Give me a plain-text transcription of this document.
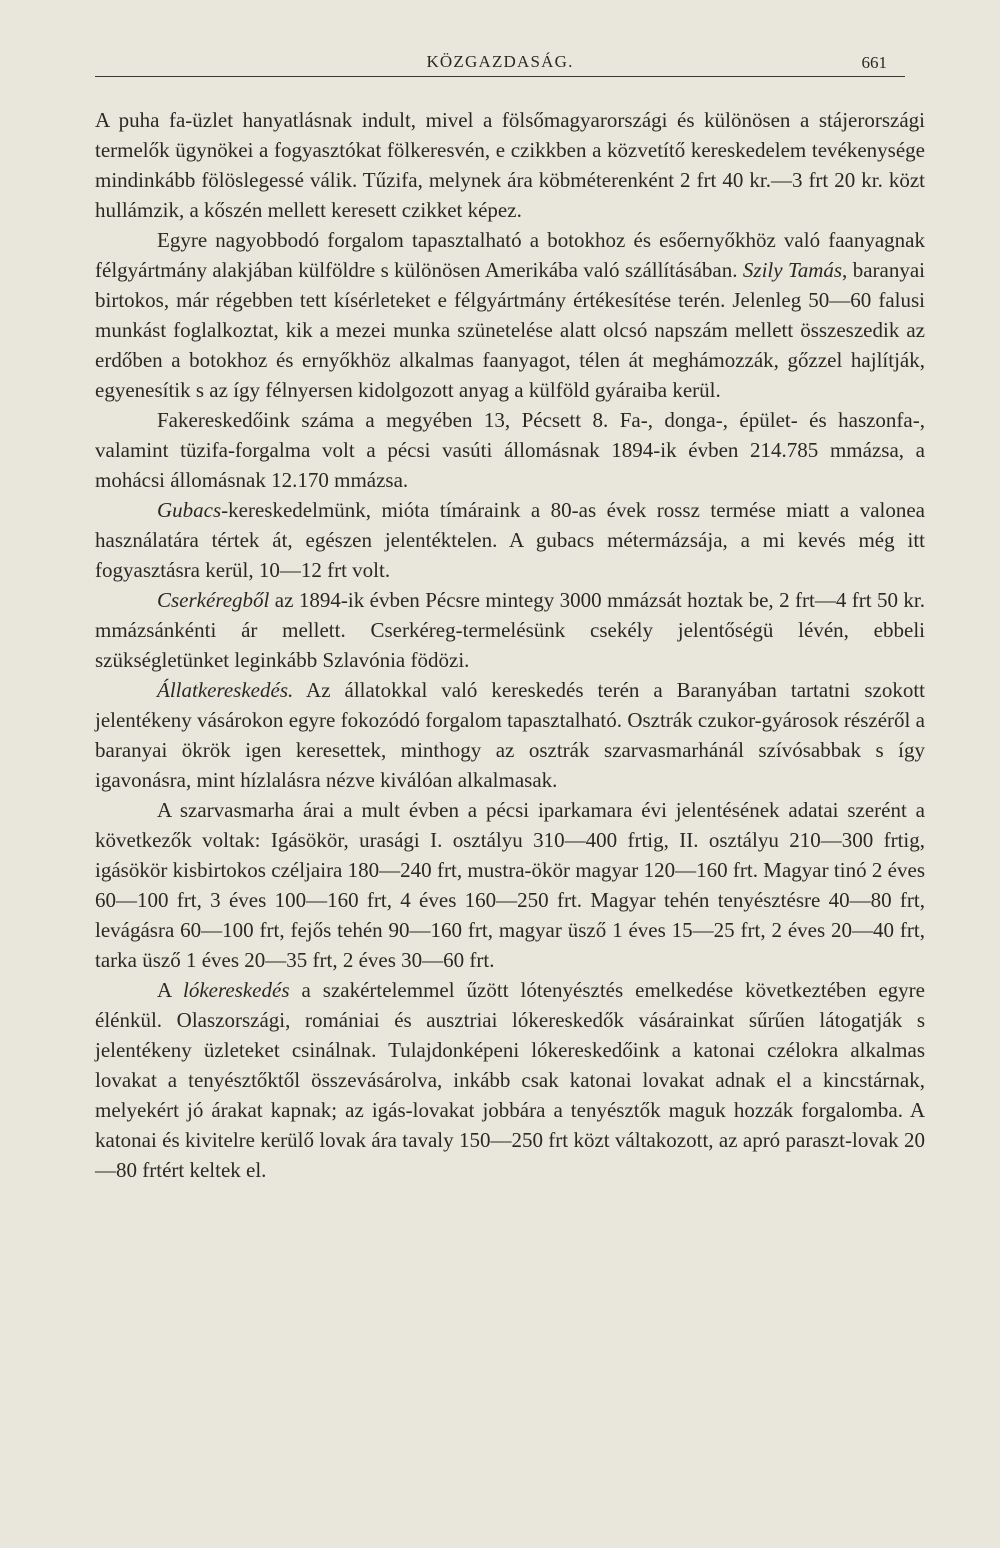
KÖZGAZDASÁG.	661

A puha fa-üzlet hanyatlásnak indult, mivel a fölsőmagyarországi és különösen a stájerországi termelők ügynökei a fogyasztókat fölkeresvén, e czikkben a közvetítő kereskedelem tevékenysége mindinkább fölöslegessé válik. Tűzifa, melynek ára köbméterenként 2 frt 40 kr.—3 frt 20 kr. közt hullámzik, a kőszén mellett keresett czikket képez.

Egyre nagyobbodó forgalom tapasztalható a botokhoz és esőernyőkhöz való faanyagnak félgyártmány alakjában külföldre s különösen Amerikába való szállításában. Szily Tamás, baranyai birtokos, már régebben tett kísérleteket e félgyártmány értékesítése terén. Jelenleg 50—60 falusi munkást foglalkoztat, kik a mezei munka szünetelése alatt olcsó napszám mellett összeszedik az erdőben a botokhoz és ernyőkhöz alkalmas faanyagot, télen át meghámozzák, gőzzel hajlítják, egyenesítik s az így félnyersen kidolgozott anyag a külföld gyáraiba kerül.

Fakereskedőink száma a megyében 13, Pécsett 8. Fa-, donga-, épület- és haszonfa-, valamint tüzifa-forgalma volt a pécsi vasúti állomásnak 1894-ik évben 214.785 mmázsa, a mohácsi állomásnak 12.170 mmázsa.

Gubacs-kereskedelmünk, mióta tímáraink a 80-as évek rossz termése miatt a valonea használatára tértek át, egészen jelentéktelen. A gubacs métermázsája, a mi kevés még itt fogyasztásra kerül, 10—12 frt volt.

Cserkéregből az 1894-ik évben Pécsre mintegy 3000 mmázsát hoztak be, 2 frt—4 frt 50 kr. mmázsánkénti ár mellett. Cserkéreg-termelésünk csekély jelentőségü lévén, ebbeli szükségletünket leginkább Szlavónia födözi.

Állatkereskedés. Az állatokkal való kereskedés terén a Baranyában tartatni szokott jelentékeny vásárokon egyre fokozódó forgalom tapasztalható. Osztrák czukor-gyárosok részéről a baranyai ökrök igen keresettek, minthogy az osztrák szarvasmarhánál szívósabbak s így igavonásra, mint hízlalásra nézve kiválóan alkalmasak.

A szarvasmarha árai a mult évben a pécsi iparkamara évi jelentésének adatai szerént a következők voltak: Igásökör, urasági I. osztályu 310—400 frtig, II. osztályu 210—300 frtig, igásökör kisbirtokos czéljaira 180—240 frt, mustra-ökör magyar 120—160 frt. Magyar tinó 2 éves 60—100 frt, 3 éves 100—160 frt, 4 éves 160—250 frt. Magyar tehén tenyésztésre 40—80 frt, levágásra 60—100 frt, fejős tehén 90—160 frt, magyar üsző 1 éves 15—25 frt, 2 éves 20—40 frt, tarka üsző 1 éves 20—35 frt, 2 éves 30—60 frt.

A lókereskedés a szakértelemmel űzött lótenyésztés emelkedése következtében egyre élénkül. Olaszországi, romániai és ausztriai lókereskedők vásárainkat sűrűen látogatják s jelentékeny üzleteket csinálnak. Tulajdonképeni lókereskedőink a katonai czélokra alkalmas lovakat a tenyésztőktől összevásárolva, inkább csak katonai lovakat adnak el a kincstárnak, melyekért jó árakat kapnak; az igás-lovakat jobbára a tenyésztők maguk hozzák forgalomba. A katonai és kivitelre kerülő lovak ára tavaly 150—250 frt közt váltakozott, az apró paraszt-lovak 20—80 frtért keltek el.
